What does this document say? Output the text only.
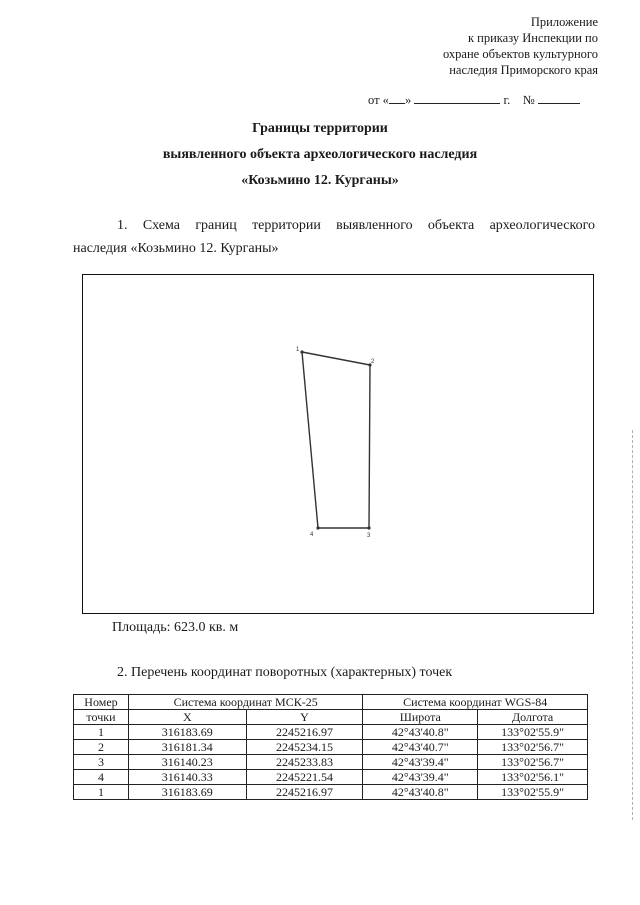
Приложение
к приказу Инспекции по
охране объектов культурного
наследия Приморского края
от « »	г. №
Границы территории
выявленного объекта археологического наследия
«Козьмино 12. Курганы»
1. Схема границ территории выявленного объекта археологического
наследия «Козьмино 12. Курганы»
1
2
3
4
Площадь: 623.0 кв. м
2. Перечень координат поворотных (характерных) точек
Номер	Система координат МСК-25		Система координат WGS-84	
точки	X	Y	Широта	Долгота
1	316183.69	2245216.97	42°43'40.8"	133°02'55.9"
2	316181.34	2245234.15	42°43'40.7"	133°02'56.7"
3	316140.23	2245233.83	42°43'39.4"	133°02'56.7"
4	316140.33	2245221.54	42°43'39.4"	133°02'56.1"
1	316183.69	2245216.97	42°43'40.8"	133°02'55.9"
